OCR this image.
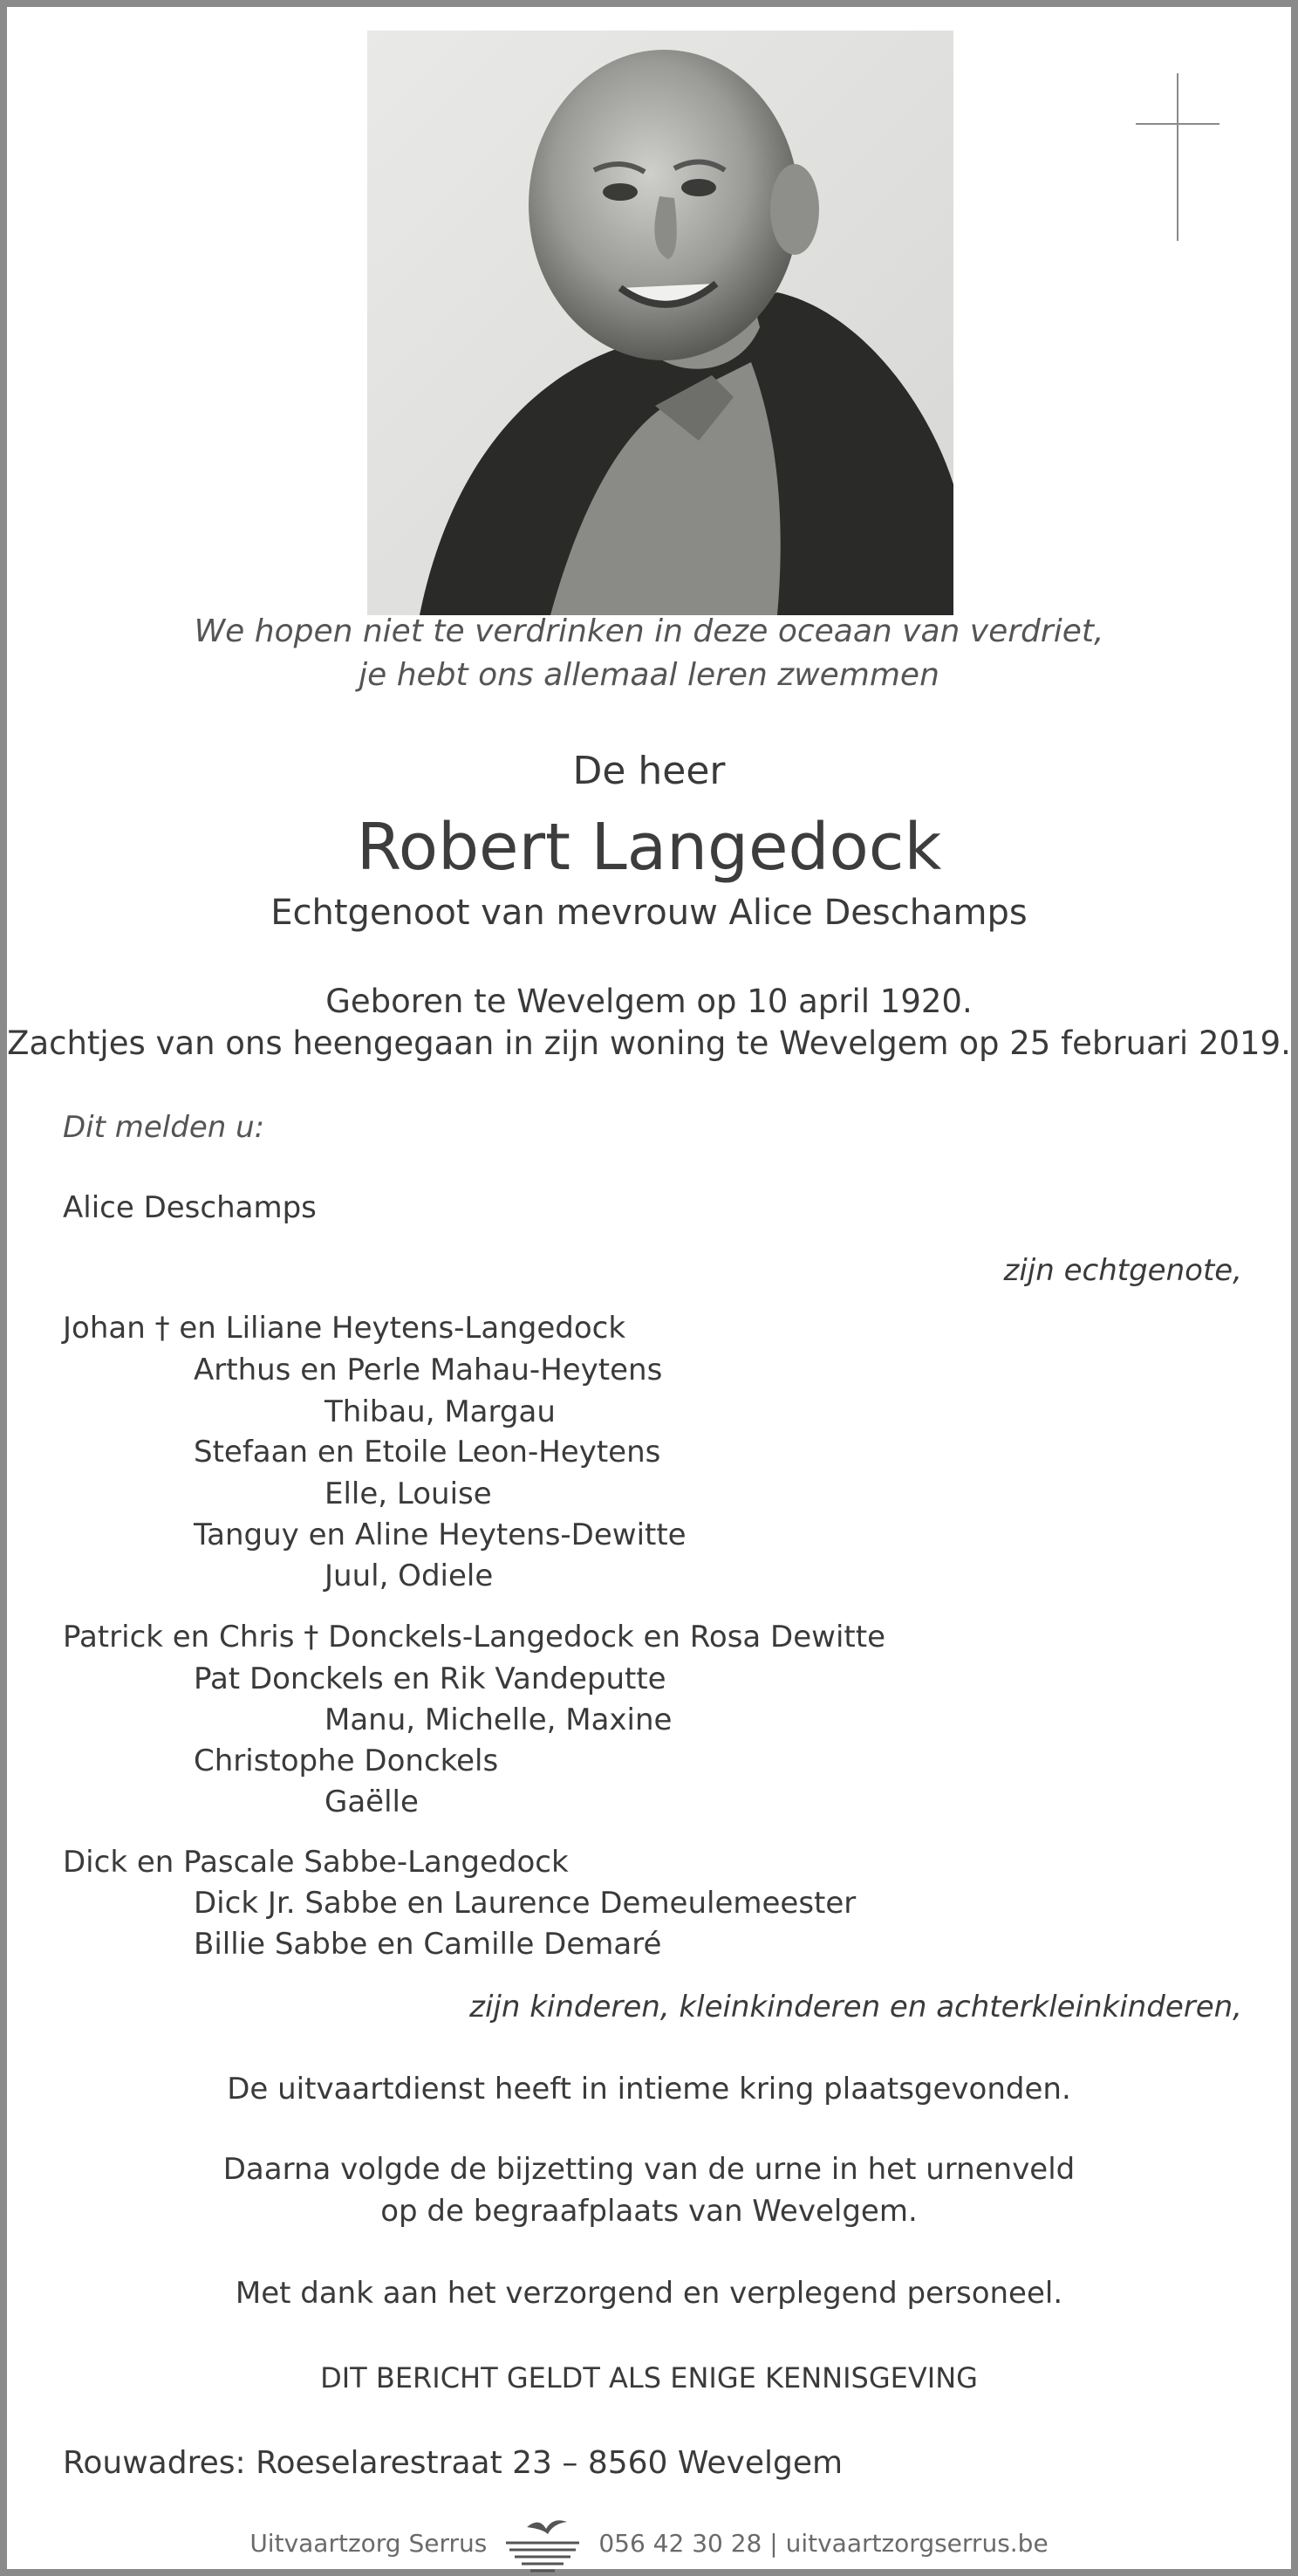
We hopen niet te verdrinken in deze oceaan van verdriet,
je hebt ons allemaal leren zwemmen
De heer
Robert Langedock
Echtgenoot van mevrouw Alice Deschamps
Geboren te Wevelgem op 10 april 1920.
Zachtjes van ons heengegaan in zijn woning te Wevelgem op 25 februari 2019.
Dit melden u:
Alice Deschamps
zijn echtgenote,
Johan † en Liliane Heytens-Langedock
Arthus en Perle Mahau-Heytens
Thibau, Margau
Stefaan en Etoile Leon-Heytens
Elle, Louise
Tanguy en Aline Heytens-Dewitte
Juul, Odiele
Patrick en Chris † Donckels-Langedock en Rosa Dewitte
Pat Donckels en Rik Vandeputte
Manu, Michelle, Maxine
Christophe Donckels
Gaëlle
Dick en Pascale Sabbe-Langedock
Dick Jr. Sabbe en Laurence Demeulemeester
Billie Sabbe en Camille Demaré
zijn kinderen, kleinkinderen en achterkleinkinderen,
De uitvaartdienst heeft in intieme kring plaatsgevonden.
Daarna volgde de bijzetting van de urne in het urnenveld
op de begraafplaats van Wevelgem.
Met dank aan het verzorgend en verplegend personeel.
DIT BERICHT GELDT ALS ENIGE KENNISGEVING
Rouwadres: Roeselarestraat 23 – 8560 Wevelgem
Uitvaartzorg Serrus	056 42 30 28 | uitvaartzorgserrus.be
